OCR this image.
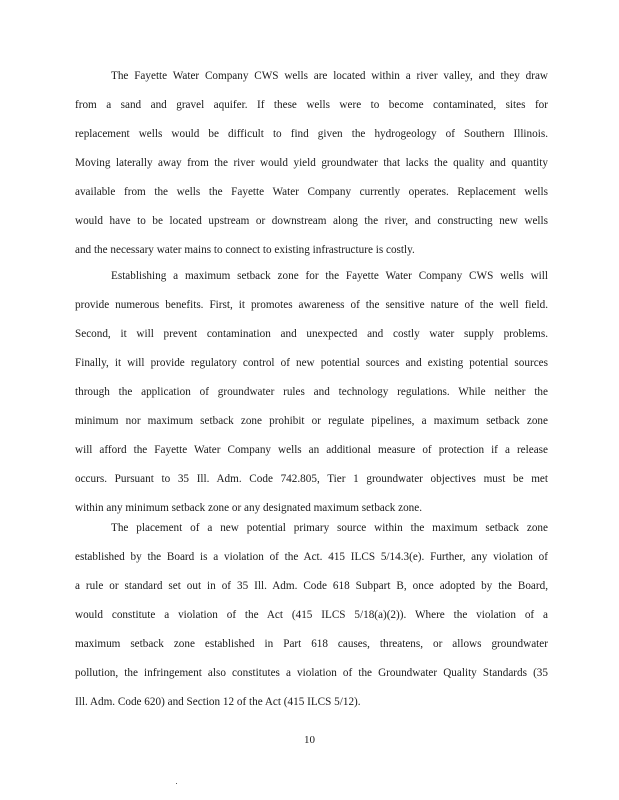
The Fayette Water Company CWS wells are located within a river valley, and they draw
from a sand and gravel aquifer. If these wells were to become contaminated, sites for
replacement wells would be difficult to find given the hydrogeology of Southern Illinois.
Moving laterally away from the river would yield groundwater that lacks the quality and quantity
available from the wells the Fayette Water Company currently operates. Replacement wells
would have to be located upstream or downstream along the river, and constructing new wells
and the necessary water mains to connect to existing infrastructure is costly.
Establishing a maximum setback zone for the Fayette Water Company CWS wells will
provide numerous benefits. First, it promotes awareness of the sensitive nature of the well field.
Second, it will prevent contamination and unexpected and costly water supply problems.
Finally, it will provide regulatory control of new potential sources and existing potential sources
through the application of groundwater rules and technology regulations. While neither the
minimum nor maximum setback zone prohibit or regulate pipelines, a maximum setback zone
will afford the Fayette Water Company wells an additional measure of protection if a release
occurs. Pursuant to 35 Ill. Adm. Code 742.805, Tier 1 groundwater objectives must be met
within any minimum setback zone or any designated maximum setback zone.
The placement of a new potential primary source within the maximum setback zone
established by the Board is a violation of the Act. 415 ILCS 5/14.3(e). Further, any violation of
a rule or standard set out in of 35 Ill. Adm. Code 618 Subpart B, once adopted by the Board,
would constitute a violation of the Act (415 ILCS 5/18(a)(2)). Where the violation of a
maximum setback zone established in Part 618 causes, threatens, or allows groundwater
pollution, the infringement also constitutes a violation of the Groundwater Quality Standards (35
Ill. Adm. Code 620) and Section 12 of the Act (415 ILCS 5/12).

10
